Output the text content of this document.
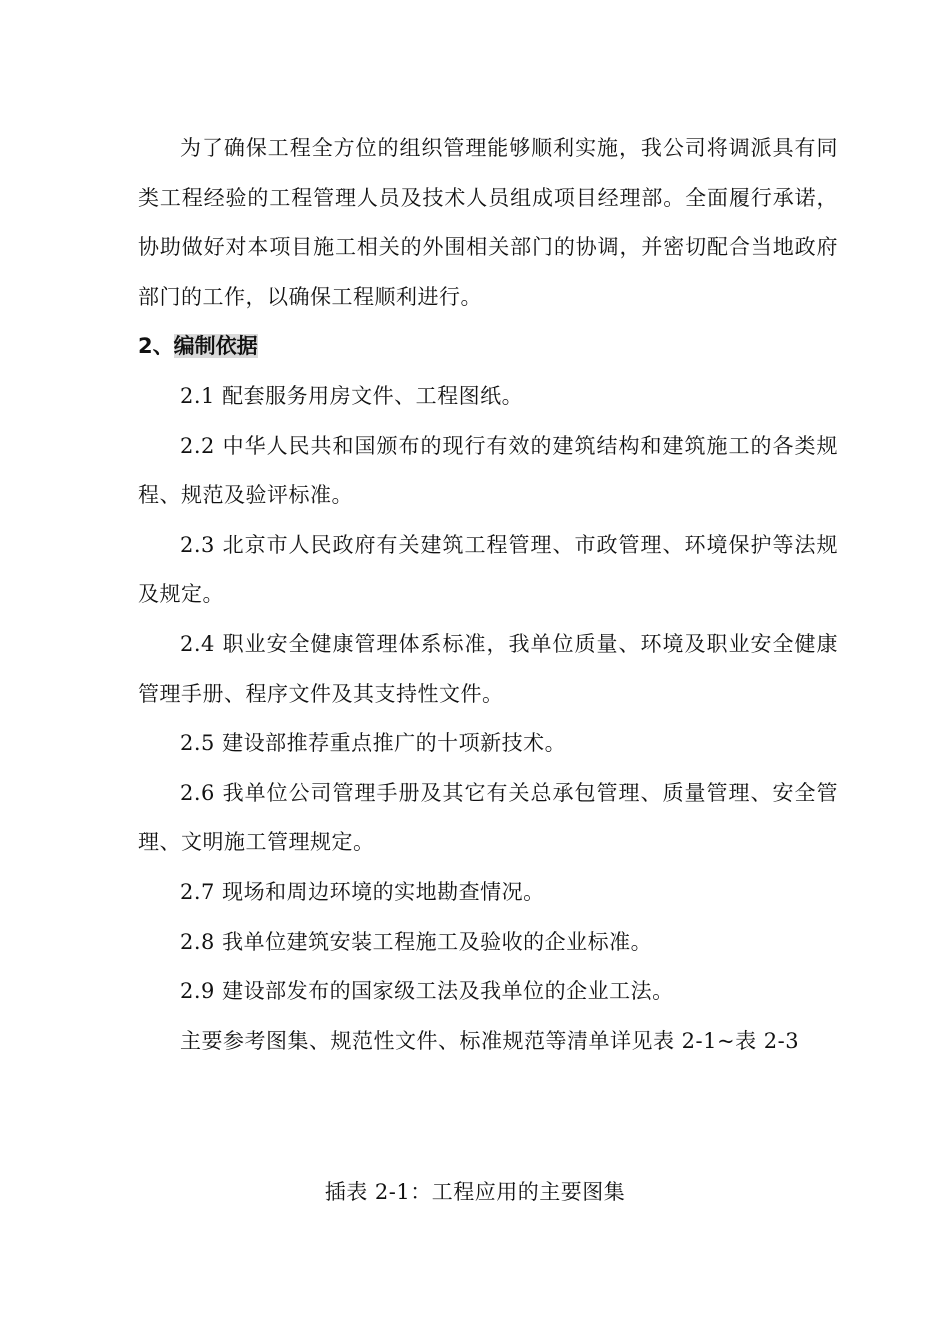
为了确保工程全方位的组织管理能够顺利实施，我公司将调派具有同类工程经验的工程管理人员及技术人员组成项目经理部。全面履行承诺，协助做好对本项目施工相关的外围相关部门的协调，并密切配合当地政府部门的工作，以确保工程顺利进行。

2、编制依据

2.1 配套服务用房文件、工程图纸。

2.2 中华人民共和国颁布的现行有效的建筑结构和建筑施工的各类规程、规范及验评标准。

2.3 北京市人民政府有关建筑工程管理、市政管理、环境保护等法规及规定。

2.4 职业安全健康管理体系标准，我单位质量、环境及职业安全健康管理手册、程序文件及其支持性文件。

2.5 建设部推荐重点推广的十项新技术。

2.6 我单位公司管理手册及其它有关总承包管理、质量管理、安全管理、文明施工管理规定。

2.7 现场和周边环境的实地勘查情况。

2.8 我单位建筑安装工程施工及验收的企业标准。

2.9 建设部发布的国家级工法及我单位的企业工法。

主要参考图集、规范性文件、标准规范等清单详见表 2-1~表 2-3

插表 2-1：工程应用的主要图集
